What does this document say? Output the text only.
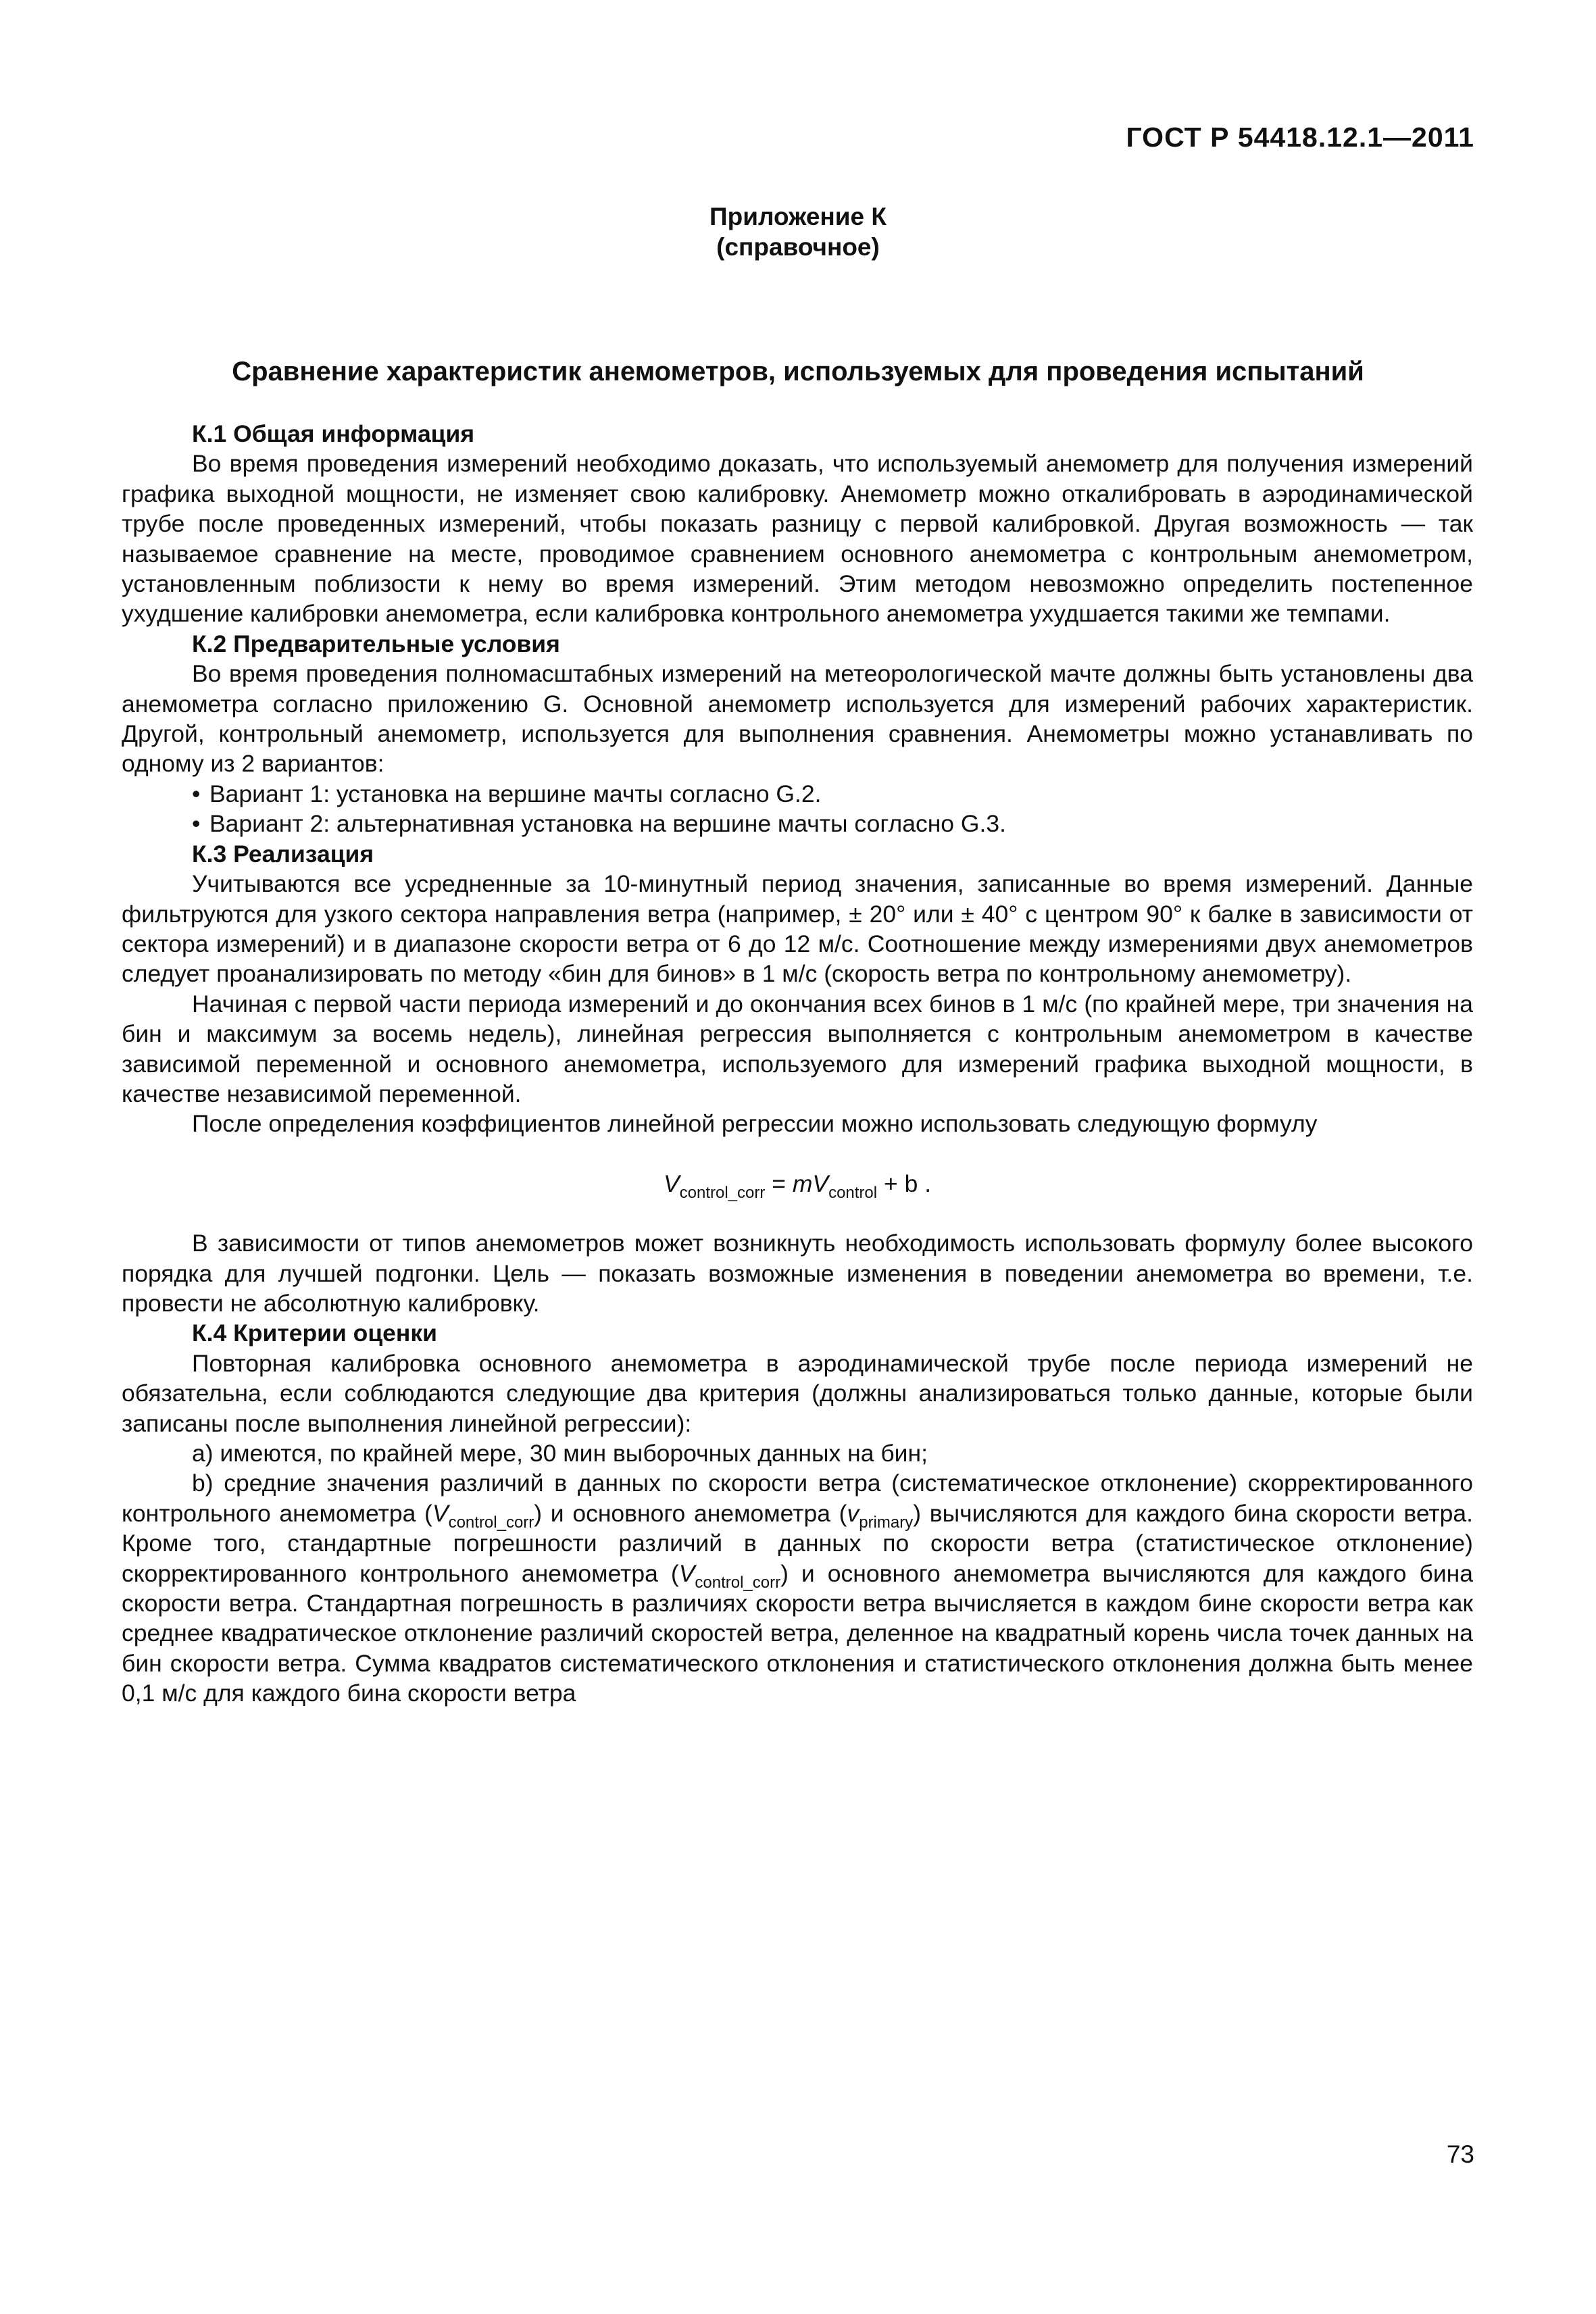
ГОСТ Р 54418.12.1—2011
Приложение К
(справочное)
Сравнение характеристик анемометров, используемых для проведения испытаний
К.1 Общая информация

Во время проведения измерений необходимо доказать, что используемый анемометр для получения измерений графика выходной мощности, не изменяет свою калибровку. Анемометр можно откалибровать в аэродинамической трубе после проведенных измерений, чтобы показать разницу с первой калибровкой. Другая возможность — так называемое сравнение на месте, проводимое сравнением основного анемометра с контрольным анемометром, установленным поблизости к нему во время измерений. Этим методом невозможно определить постепенное ухудшение калибровки анемометра, если калибровка контрольного анемометра ухудшается такими же темпами.

К.2 Предварительные условия

Во время проведения полномасштабных измерений на метеорологической мачте должны быть установлены два анемометра согласно приложению G. Основной анемометр используется для измерений рабочих характеристик. Другой, контрольный анемометр, используется для выполнения сравнения. Анемометры можно устанавливать по одному из 2 вариантов:

• Вариант 1: установка на вершине мачты согласно G.2.
• Вариант 2: альтернативная установка на вершине мачты согласно G.3.
К.3 Реализация

Учитываются все усредненные за 10-минутный период значения, записанные во время измерений. Данные фильтруются для узкого сектора направления ветра (например, ± 20° или ± 40° с центром 90° к балке в зависимости от сектора измерений) и в диапазоне скорости ветра от 6 до 12 м/с. Соотношение между измерениями двух анемометров следует проанализировать по методу «бин для бинов» в 1 м/с (скорость ветра по контрольному анемометру).

Начиная с первой части периода измерений и до окончания всех бинов в 1 м/с (по крайней мере, три значения на бин и максимум за восемь недель), линейная регрессия выполняется с контрольным анемометром в качестве зависимой переменной и основного анемометра, используемого для измерений графика выходной мощности, в качестве независимой переменной.

После определения коэффициентов линейной регрессии можно использовать следующую формулу

$V_{control\_corr} = mV_{control} + b$ .

В зависимости от типов анемометров может возникнуть необходимость использовать формулу более высокого порядка для лучшей подгонки. Цель — показать возможные изменения в поведении анемометра во времени, т.е. провести не абсолютную калибровку.

К.4 Критерии оценки

Повторная калибровка основного анемометра в аэродинамической трубе после периода измерений не обязательна, если соблюдаются следующие два критерия (должны анализироваться только данные, которые были записаны после выполнения линейной регрессии):

a) имеются, по крайней мере, 30 мин выборочных данных на бин;

b) средние значения различий в данных по скорости ветра (систематическое отклонение) скорректированного контрольного анемометра $(V_{control\_corr})$ и основного анемометра $(v_{primary})$ вычисляются для каждого бина скорости ветра. Кроме того, стандартные погрешности различий в данных по скорости ветра (статистическое отклонение) скорректированного контрольного анемометра $(V_{control\_corr})$ и основного анемометра вычисляются для каждого бина скорости ветра. Стандартная погрешность в различиях скорости ветра вычисляется в каждом бине скорости ветра как среднее квадратическое отклонение различий скоростей ветра, деленное на квадратный корень числа точек данных на бин скорости ветра. Сумма квадратов систематического отклонения и статистического отклонения должна быть менее 0,1 м/с для каждого бина скорости ветра

73
